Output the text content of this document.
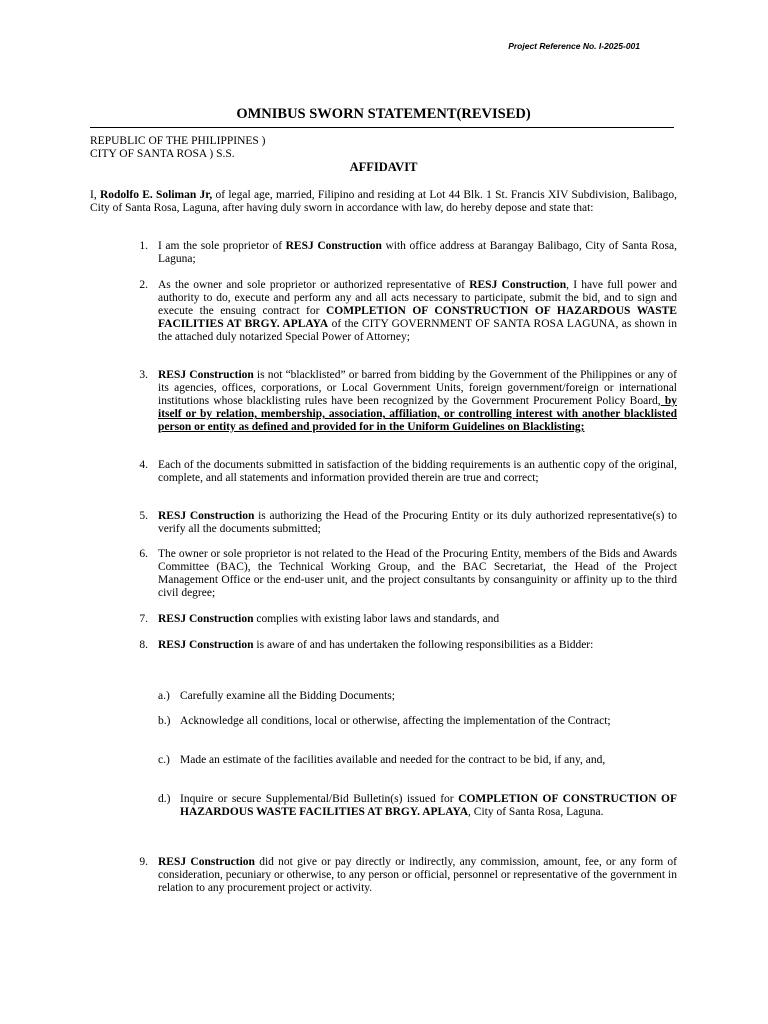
Project Reference No. I-2025-001
OMNIBUS SWORN STATEMENT(REVISED)
REPUBLIC OF THE PHILIPPINES )
CITY OF SANTA ROSA ) S.S.
AFFIDAVIT
I, Rodolfo E. Soliman Jr, of legal age, married, Filipino and residing at Lot 44 Blk. 1 St. Francis XIV Subdivision, Balibago, City of Santa Rosa, Laguna, after having duly sworn in accordance with law, do hereby depose and state that:
1. I am the sole proprietor of RESJ Construction with office address at Barangay Balibago, City of Santa Rosa, Laguna;
2. As the owner and sole proprietor or authorized representative of RESJ Construction, I have full power and authority to do, execute and perform any and all acts necessary to participate, submit the bid, and to sign and execute the ensuing contract for COMPLETION OF CONSTRUCTION OF HAZARDOUS WASTE FACILITIES AT BRGY. APLAYA of the CITY GOVERNMENT OF SANTA ROSA LAGUNA, as shown in the attached duly notarized Special Power of Attorney;
3. RESJ Construction is not “blacklisted” or barred from bidding by the Government of the Philippines or any of its agencies, offices, corporations, or Local Government Units, foreign government/foreign or international institutions whose blacklisting rules have been recognized by the Government Procurement Policy Board, by itself or by relation, membership, association, affiliation, or controlling interest with another blacklisted person or entity as defined and provided for in the Uniform Guidelines on Blacklisting;
4. Each of the documents submitted in satisfaction of the bidding requirements is an authentic copy of the original, complete, and all statements and information provided therein are true and correct;
5. RESJ Construction is authorizing the Head of the Procuring Entity or its duly authorized representative(s) to verify all the documents submitted;
6. The owner or sole proprietor is not related to the Head of the Procuring Entity, members of the Bids and Awards Committee (BAC), the Technical Working Group, and the BAC Secretariat, the Head of the Project Management Office or the end-user unit, and the project consultants by consanguinity or affinity up to the third civil degree;
7. RESJ Construction complies with existing labor laws and standards, and
8. RESJ Construction is aware of and has undertaken the following responsibilities as a Bidder:
a.) Carefully examine all the Bidding Documents;
b.) Acknowledge all conditions, local or otherwise, affecting the implementation of the Contract;
c.) Made an estimate of the facilities available and needed for the contract to be bid, if any, and,
d.) Inquire or secure Supplemental/Bid Bulletin(s) issued for COMPLETION OF CONSTRUCTION OF HAZARDOUS WASTE FACILITIES AT BRGY. APLAYA, City of Santa Rosa, Laguna.
9. RESJ Construction did not give or pay directly or indirectly, any commission, amount, fee, or any form of consideration, pecuniary or otherwise, to any person or official, personnel or representative of the government in relation to any procurement project or activity.
